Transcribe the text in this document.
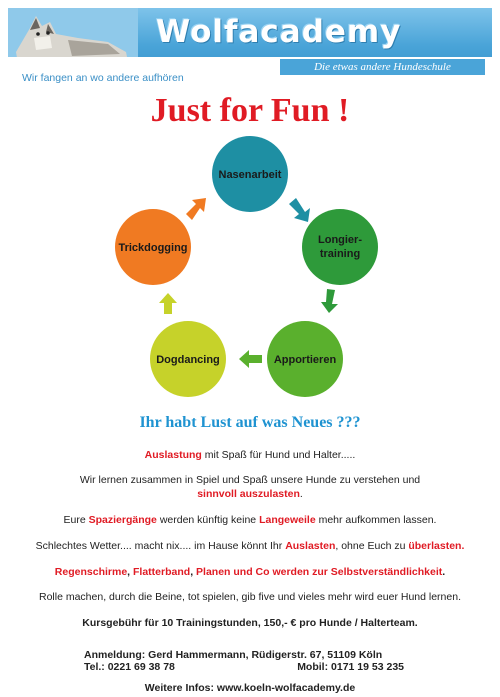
Wolfacademy
Wir fangen an wo andere aufhören
Die etwas andere Hundeschule
Just for Fun !
Nasenarbeit
Longier-
training
Apportieren
Dogdancing
Trickdogging
Ihr habt Lust auf was Neues ???
Auslastung mit Spaß für Hund und Halter.....
Wir lernen zusammen in Spiel und Spaß unsere Hunde zu verstehen und
sinnvoll auszulasten.
Eure Spaziergänge werden künftig keine Langeweile mehr aufkommen lassen.
Schlechtes Wetter.... macht nix.... im Hause könnt Ihr Auslasten, ohne Euch zu überlasten.
Regenschirme, Flatterband, Planen und Co werden zur Selbstverständlichkeit.
Rolle machen, durch die Beine, tot spielen, gib five und vieles mehr wird euer Hund lernen.
Kursgebühr für 10 Trainingstunden, 150,- € pro Hunde / Halterteam.
Anmeldung: Gerd Hammermann, Rüdigerstr. 67, 51109 Köln
Tel.: 0221 69 38 78	Mobil: 0171 19 53 235
Weitere Infos: www.koeln-wolfacademy.de
